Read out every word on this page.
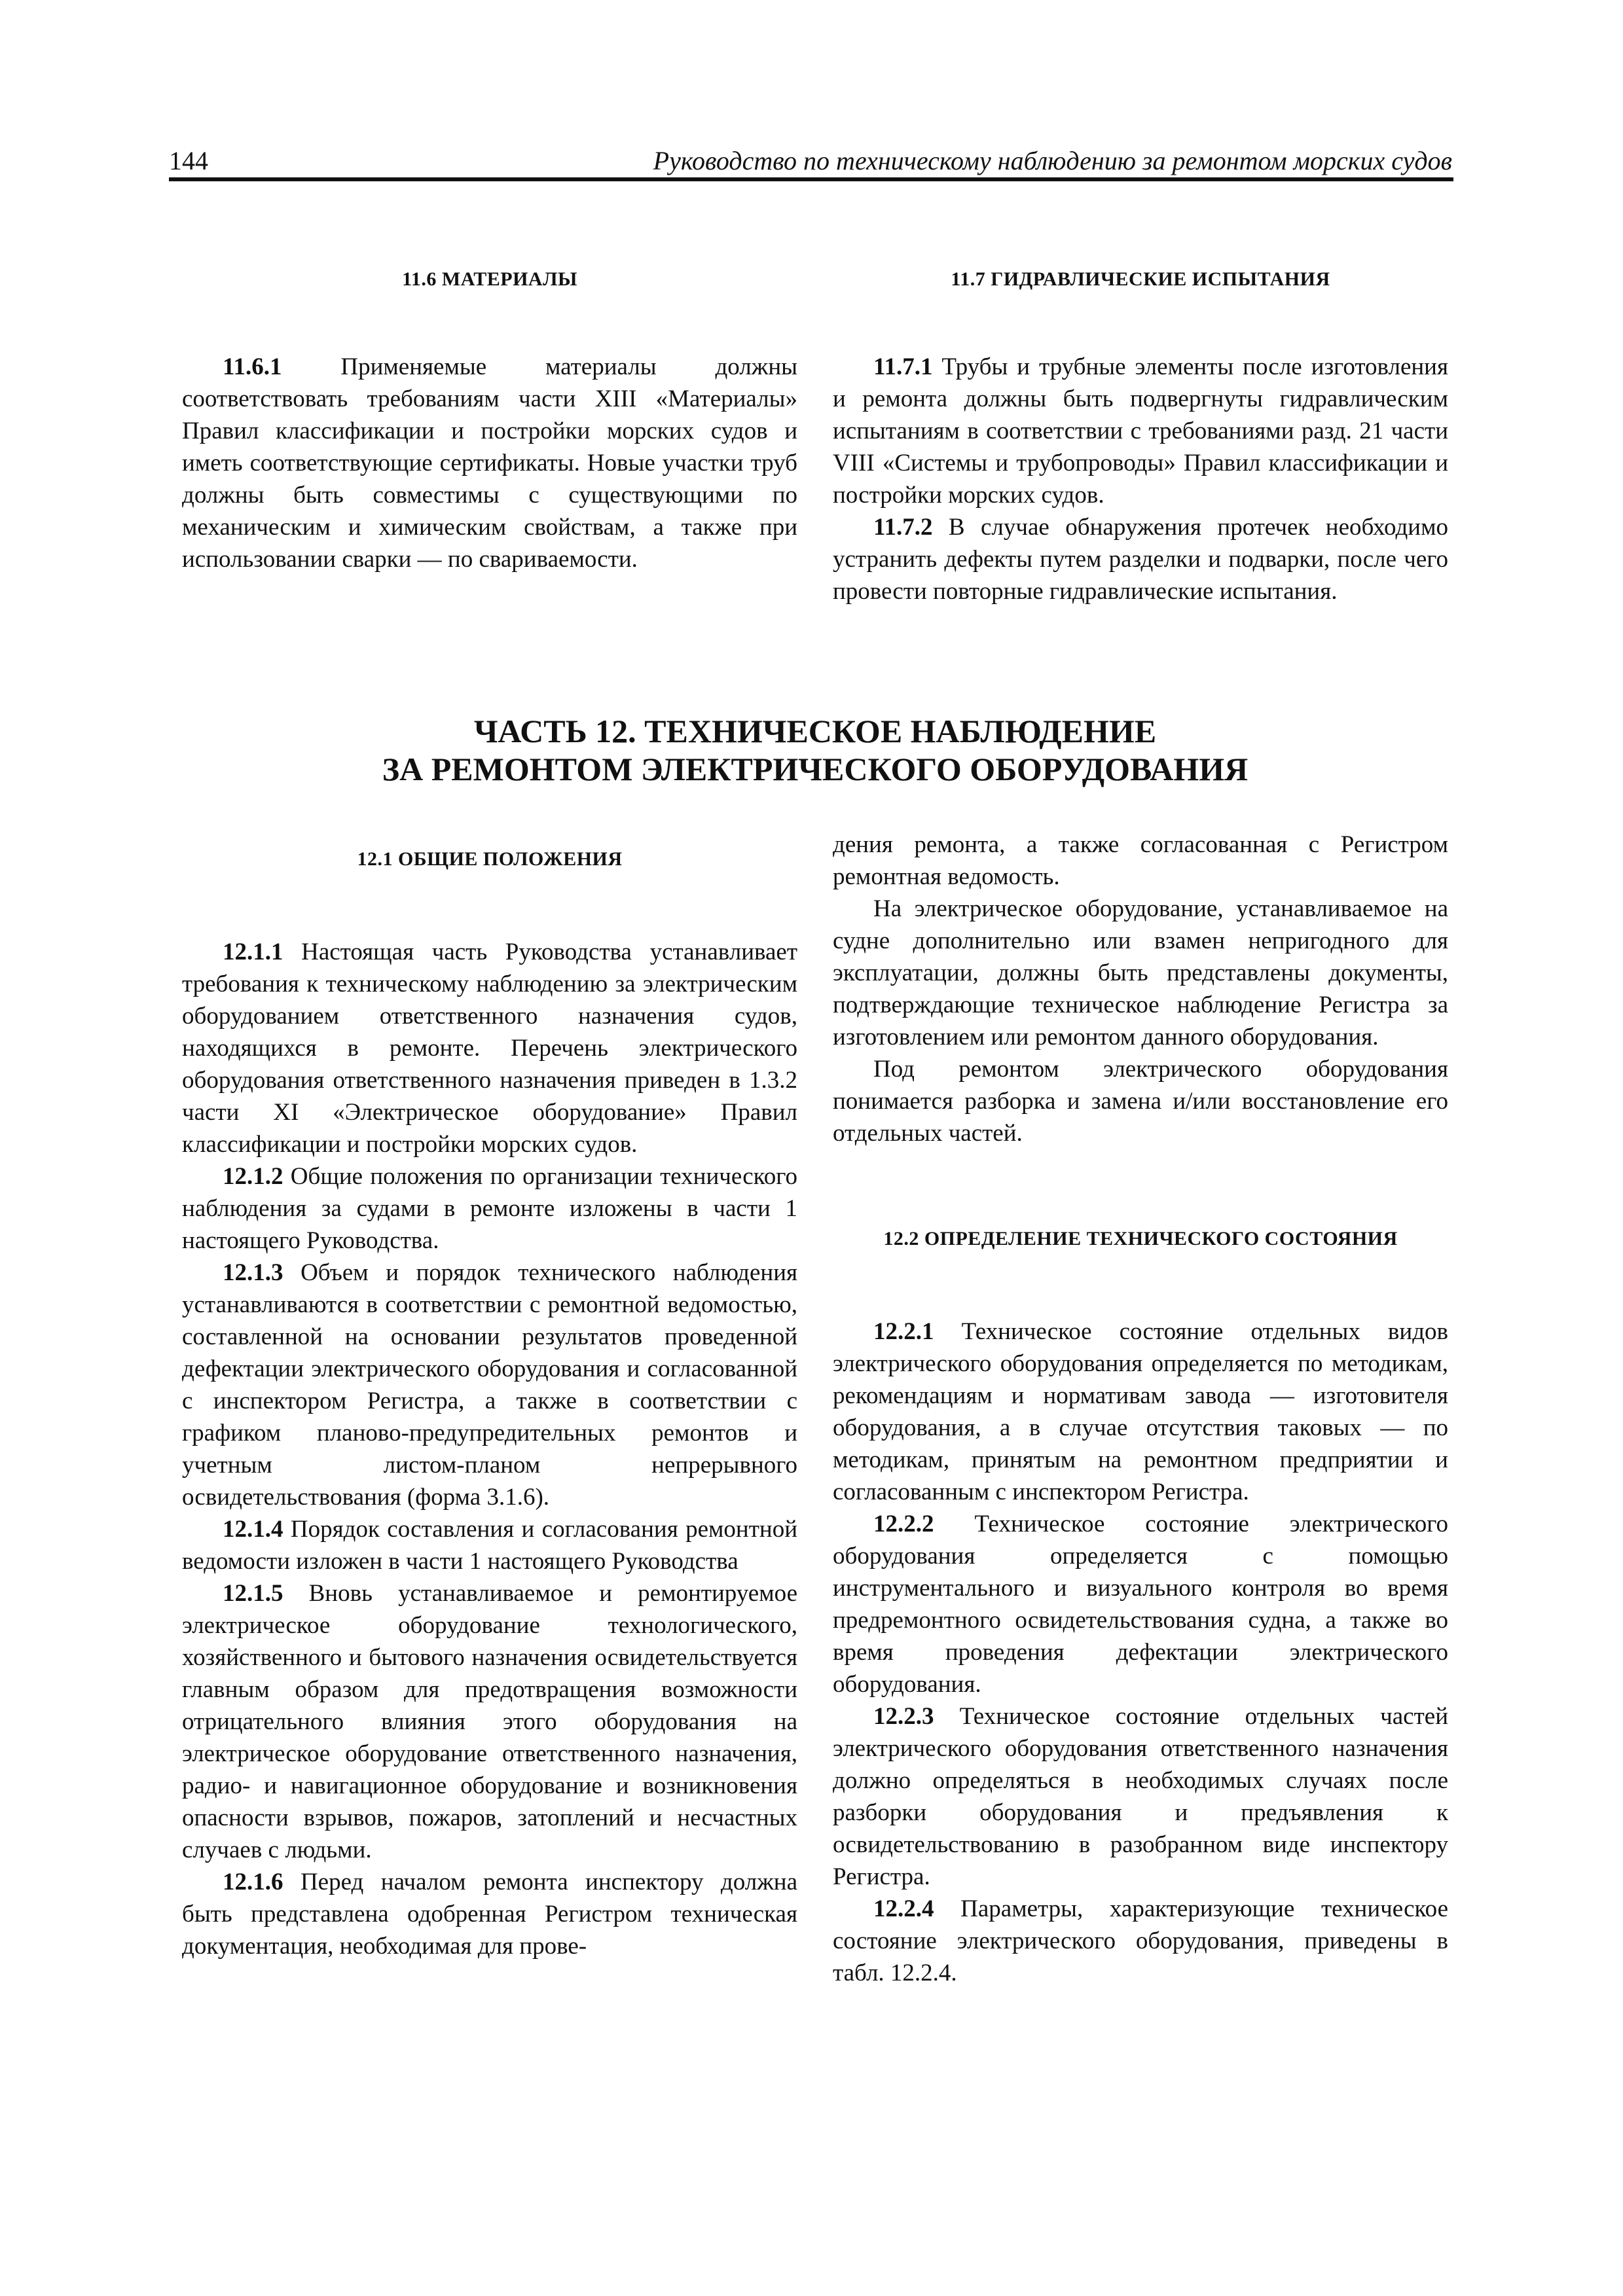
144	Руководство по техническому наблюдению за ремонтом морских судов
11.6 МАТЕРИАЛЫ

11.6.1 Применяемые материалы должны соответствовать требованиям части XIII «Материалы» Правил классификации и постройки морских судов и иметь соответствующие сертификаты. Новые участки труб должны быть совместимы с существующими по механическим и химическим свойствам, а также при использовании сварки — по свариваемости.

11.7 ГИДРАВЛИЧЕСКИЕ ИСПЫТАНИЯ

11.7.1 Трубы и трубные элементы после изготовления и ремонта должны быть подвергнуты гидравлическим испытаниям в соответствии с требованиями разд. 21 части VIII «Системы и трубопроводы» Правил классификации и постройки морских судов.

11.7.2 В случае обнаружения протечек необходимо устранить дефекты путем разделки и подварки, после чего провести повторные гидравлические испытания.

ЧАСТЬ 12. ТЕХНИЧЕСКОЕ НАБЛЮДЕНИЕ
ЗА РЕМОНТОМ ЭЛЕКТРИЧЕСКОГО ОБОРУДОВАНИЯ
12.1 ОБЩИЕ ПОЛОЖЕНИЯ

12.1.1 Настоящая часть Руководства устанавливает требования к техническому наблюдению за электрическим оборудованием ответственного назначения судов, находящихся в ремонте. Перечень электрического оборудования ответственного назначения приведен в 1.3.2 части XI «Электрическое оборудование» Правил классификации и постройки морских судов.

12.1.2 Общие положения по организации технического наблюдения за судами в ремонте изложены в части 1 настоящего Руководства.

12.1.3 Объем и порядок технического наблюдения устанавливаются в соответствии с ремонтной ведомостью, составленной на основании результатов проведенной дефектации электрического оборудования и согласованной с инспектором Регистра, а также в соответствии с графиком планово-предупредительных ремонтов и учетным листом-планом непрерывного освидетельствования (форма 3.1.6).

12.1.4 Порядок составления и согласования ремонтной ведомости изложен в части 1 настоящего Руководства

12.1.5 Вновь устанавливаемое и ремонтируемое электрическое оборудование технологического, хозяйственного и бытового назначения освидетельствуется главным образом для предотвращения возможности отрицательного влияния этого оборудования на электрическое оборудование ответственного назначения, радио- и навигационное оборудование и возникновения опасности взрывов, пожаров, затоплений и несчастных случаев с людьми.

12.1.6 Перед началом ремонта инспектору должна быть представлена одобренная Регистром техническая документация, необходимая для прове-

дения ремонта, а также согласованная с Регистром ремонтная ведомость.

На электрическое оборудование, устанавливаемое на судне дополнительно или взамен непригодного для эксплуатации, должны быть представлены документы, подтверждающие техническое наблюдение Регистра за изготовлением или ремонтом данного оборудования.

Под ремонтом электрического оборудования понимается разборка и замена и/или восстановление его отдельных частей.

12.2 ОПРЕДЕЛЕНИЕ ТЕХНИЧЕСКОГО СОСТОЯНИЯ

12.2.1 Техническое состояние отдельных видов электрического оборудования определяется по методикам, рекомендациям и нормативам завода — изготовителя оборудования, а в случае отсутствия таковых — по методикам, принятым на ремонтном предприятии и согласованным с инспектором Регистра.

12.2.2 Техническое состояние электрического оборудования определяется с помощью инструментального и визуального контроля во время предремонтного освидетельствования судна, а также во время проведения дефектации электрического оборудования.

12.2.3 Техническое состояние отдельных частей электрического оборудования ответственного назначения должно определяться в необходимых случаях после разборки оборудования и предъявления к освидетельствованию в разобранном виде инспектору Регистра.

12.2.4 Параметры, характеризующие техническое состояние электрического оборудования, приведены в табл. 12.2.4.
